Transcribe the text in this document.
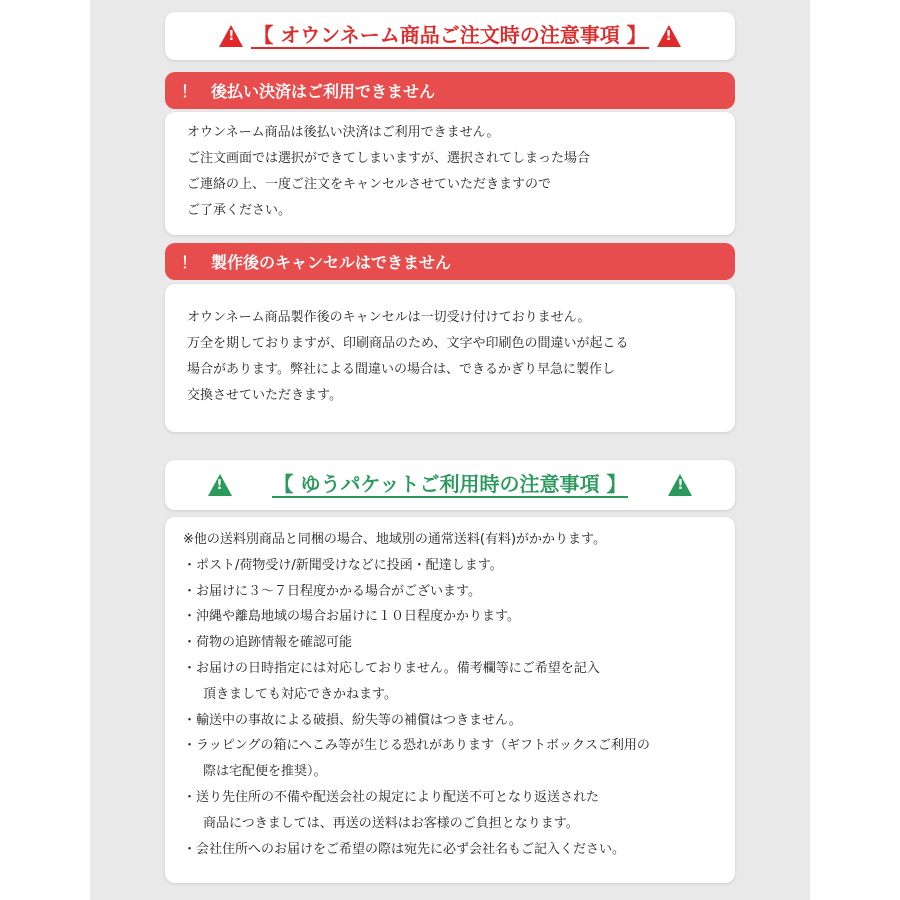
!
【 オウンネーム商品ご注文時の注意事項 】
!
！ 後払い決済はご利用できません
オウンネーム商品は後払い決済はご利用できません。
ご注文画面では選択ができてしまいますが、選択されてしまった場合
ご連絡の上、一度ご注文をキャンセルさせていただきますので
ご了承ください。
！ 製作後のキャンセルはできません
オウンネーム商品製作後のキャンセルは一切受け付けておりません。
万全を期しておりますが、印刷商品のため、文字や印刷色の間違いが起こる
場合があります。弊社による間違いの場合は、できるかぎり早急に製作し
交換させていただきます。
!
【 ゆうパケットご利用時の注意事項 】
!
※他の送料別商品と同梱の場合、地域別の通常送料(有料)がかかります。
・ポスト/荷物受け/新聞受けなどに投函・配達します。
・お届けに３～７日程度かかる場合がございます。
・沖縄や離島地域の場合お届けに１０日程度かかります。
・荷物の追跡情報を確認可能
・お届けの日時指定には対応しておりません。備考欄等にご希望を記入
頂きましても対応できかねます。
・輸送中の事故による破損、紛失等の補償はつきません。
・ラッピングの箱にへこみ等が生じる恐れがあります（ギフトボックスご利用の
際は宅配便を推奨）。
・送り先住所の不備や配送会社の規定により配送不可となり返送された
商品につきましては、再送の送料はお客様のご負担となります。
・会社住所へのお届けをご希望の際は宛先に必ず会社名もご記入ください。
